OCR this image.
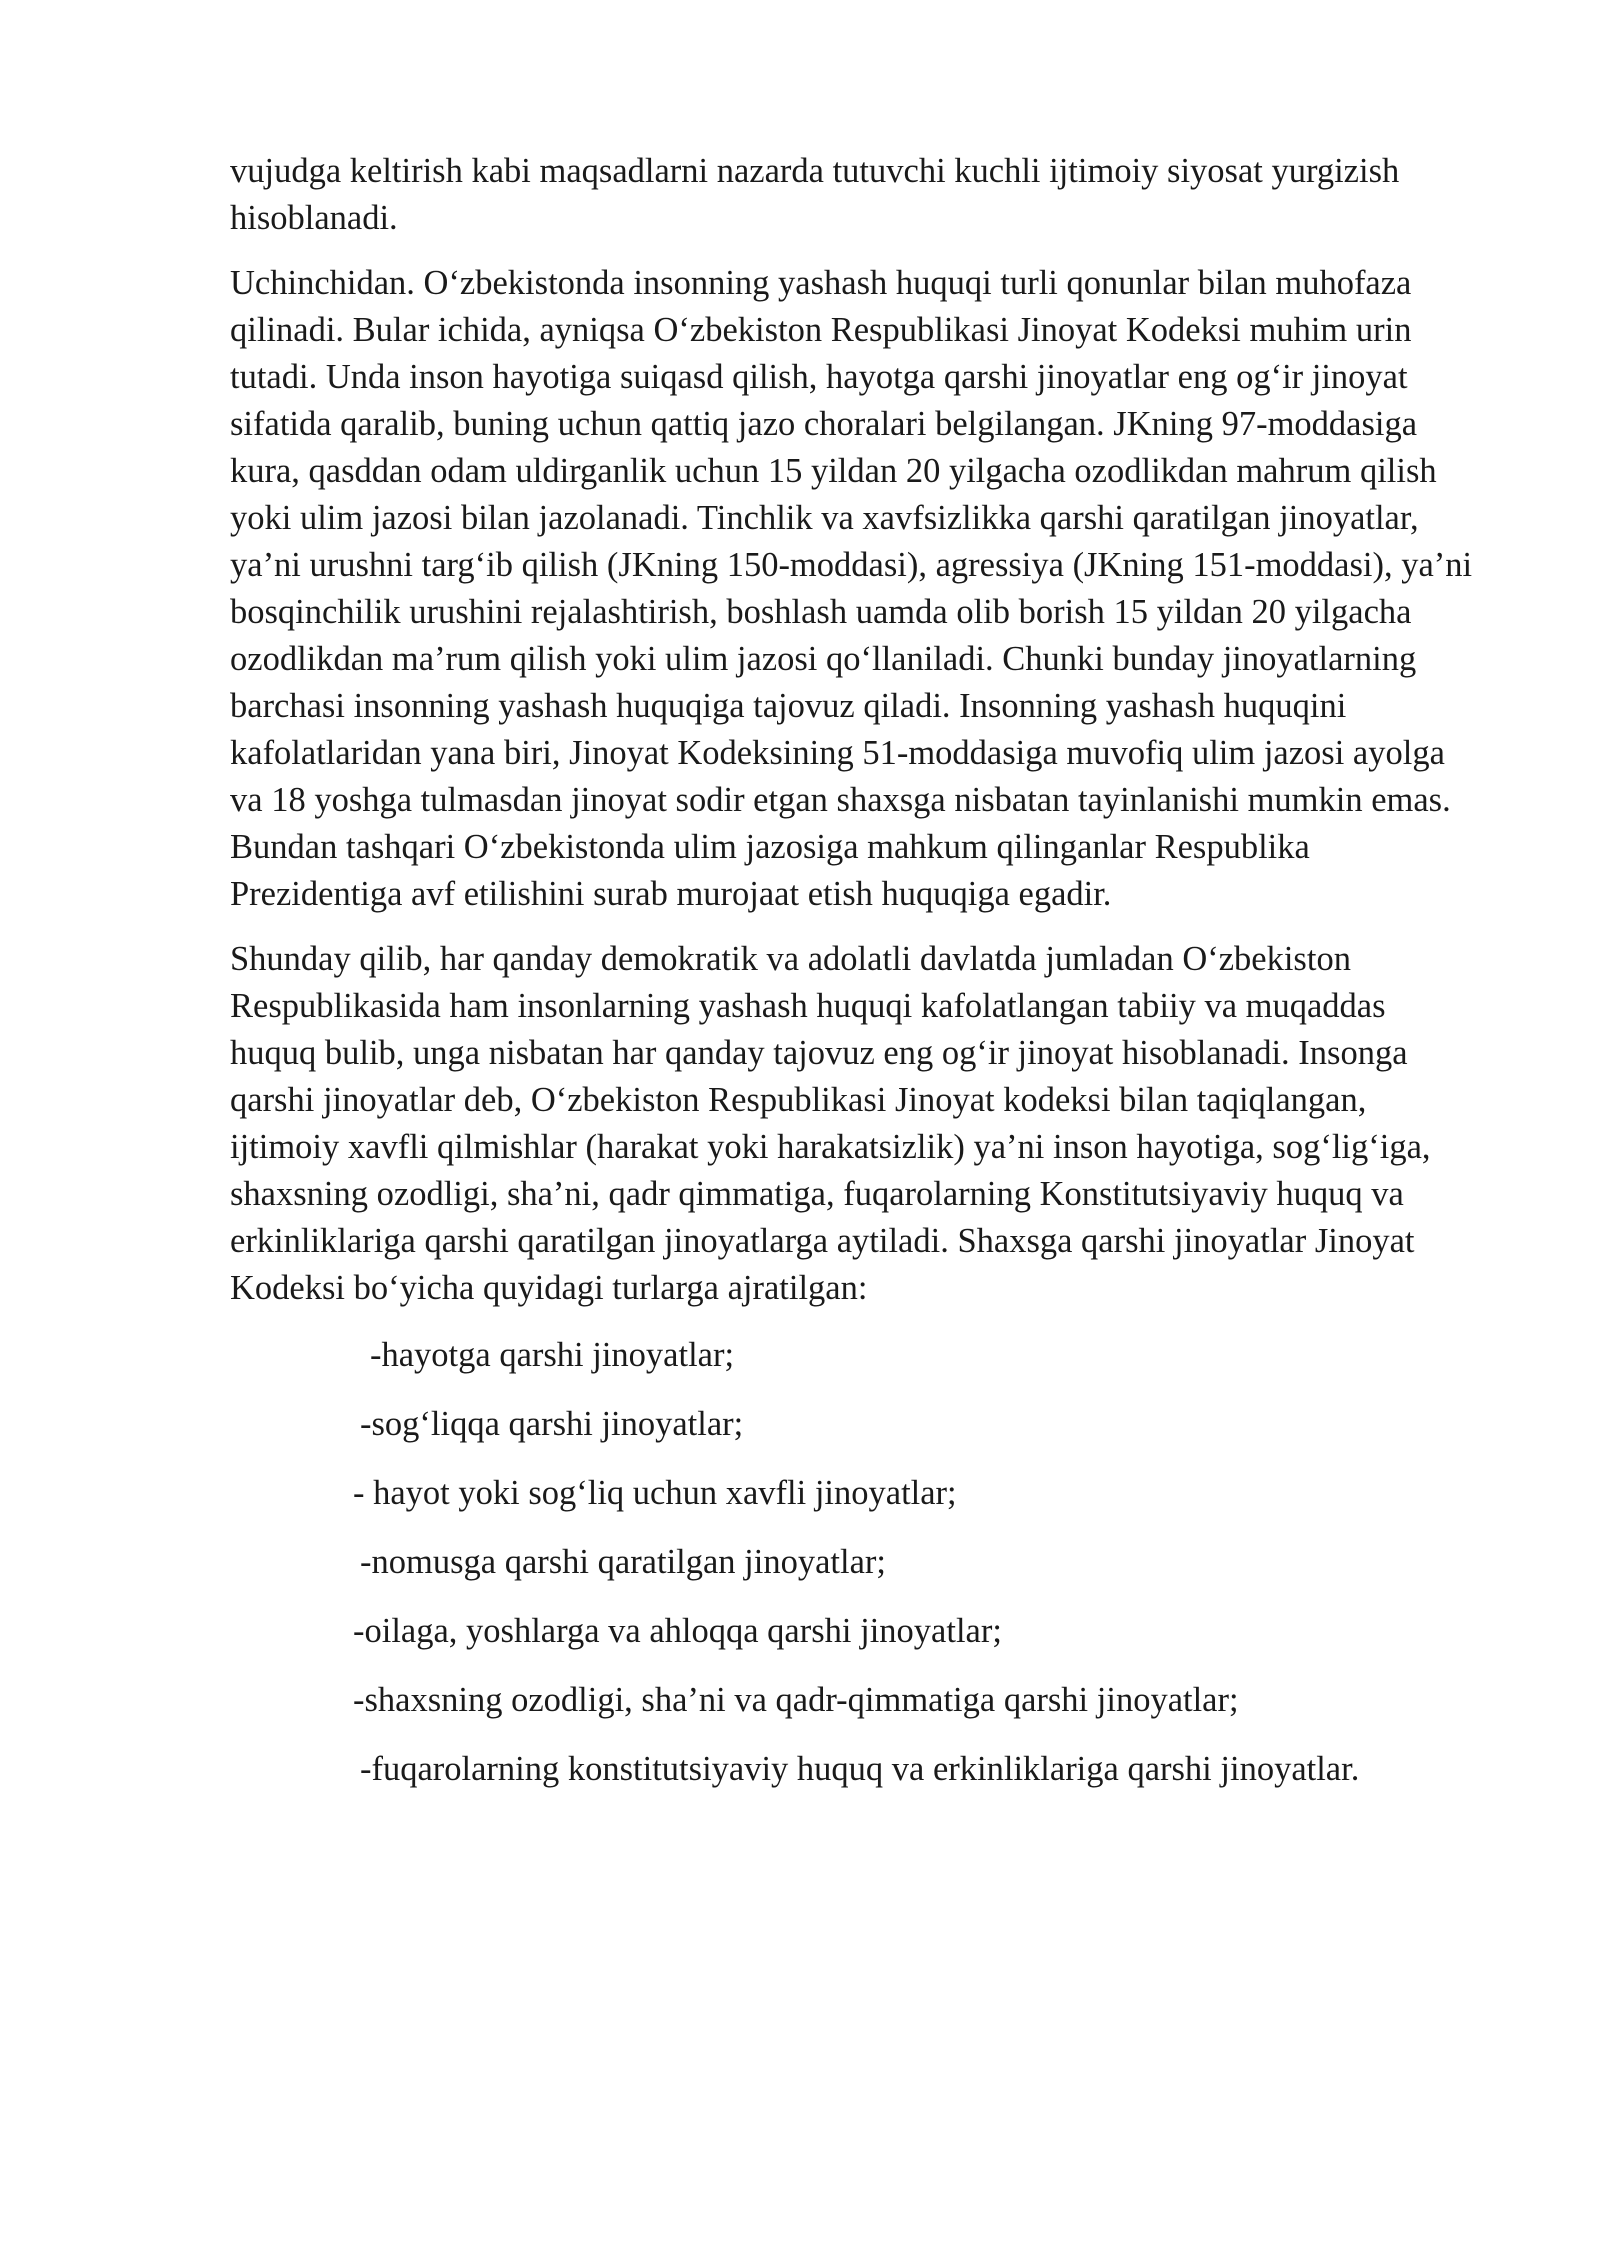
vujudga keltirish kabi maqsadlarni nazarda tutuvchi kuchli ijtimoiy siyosat yurgizish hisoblanadi.

Uchinchidan. O‘zbekistonda insonning yashash huquqi turli qonunlar bilan muhofaza qilinadi. Bular ichida, ayniqsa O‘zbekiston Respublikasi Jinoyat Kodeksi muhim urin tutadi. Unda inson hayotiga suiqasd qilish, hayotga qarshi jinoyatlar eng og‘ir jinoyat sifatida qaralib, buning uchun qattiq jazo choralari belgilangan. JKning 97-moddasiga kura, qasddan odam uldirganlik uchun 15 yildan 20 yilgacha ozodlikdan mahrum qilish yoki ulim jazosi bilan jazolanadi. Tinchlik va xavfsizlikka qarshi qaratilgan jinoyatlar, ya’ni urushni targ‘ib qilish (JKning 150-moddasi), agressiya (JKning 151-moddasi), ya’ni bosqinchilik urushini rejalashtirish, boshlash uamda olib borish 15 yildan 20 yilgacha ozodlikdan ma’rum qilish yoki ulim jazosi qo‘llaniladi. Chunki bunday jinoyatlarning barchasi insonning yashash huquqiga tajovuz qiladi. Insonning yashash huquqini kafolatlaridan yana biri, Jinoyat Kodeksining 51-moddasiga muvofiq ulim jazosi ayolga va 18 yoshga tulmasdan jinoyat sodir etgan shaxsga nisbatan tayinlanishi mumkin emas. Bundan tashqari O‘zbekistonda ulim jazosiga mahkum qilinganlar Respublika Prezidentiga avf etilishini surab murojaat etish huquqiga egadir.

Shunday qilib, har qanday demokratik va adolatli davlatda jumladan O‘zbekiston Respublikasida ham insonlarning yashash huquqi kafolatlangan tabiiy va muqaddas huquq bulib, unga nisbatan har qanday tajovuz eng og‘ir jinoyat hisoblanadi. Insonga qarshi jinoyatlar deb, O‘zbekiston Respublikasi Jinoyat kodeksi bilan taqiqlangan, ijtimoiy xavfli qilmishlar (harakat yoki harakatsizlik) ya’ni inson hayotiga, sog‘lig‘iga, shaxsning ozodligi, sha’ni, qadr qimmatiga, fuqarolarning Konstitutsiyaviy huquq va erkinliklariga qarshi qaratilgan jinoyatlarga aytiladi. Shaxsga qarshi jinoyatlar Jinoyat Kodeksi bo‘yicha quyidagi turlarga ajratilgan:

-hayotga qarshi jinoyatlar;
-sog‘liqqa qarshi jinoyatlar;
- hayot yoki sog‘liq uchun xavfli jinoyatlar;
-nomusga qarshi qaratilgan jinoyatlar;
-oilaga, yoshlarga va ahloqqa qarshi jinoyatlar;
-shaxsning ozodligi, sha’ni va qadr-qimmatiga qarshi jinoyatlar;
-fuqarolarning konstitutsiyaviy huquq va erkinliklariga qarshi jinoyatlar.
